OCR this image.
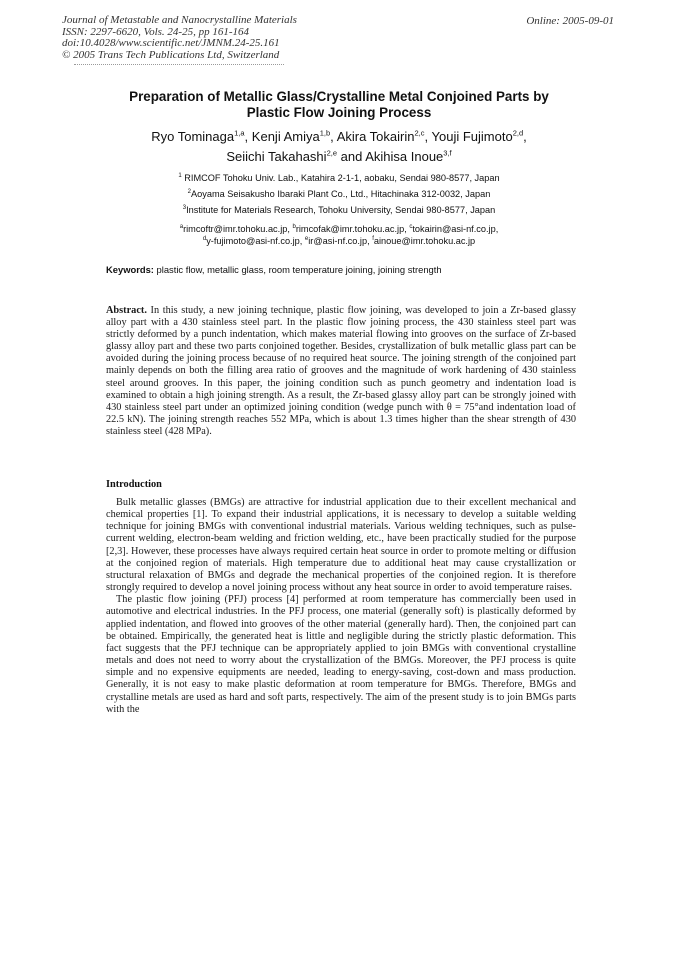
Journal of Metastable and Nanocrystalline Materials
ISSN: 2297-6620, Vols. 24-25, pp 161-164
doi:10.4028/www.scientific.net/JMNM.24-25.161
© 2005 Trans Tech Publications Ltd, Switzerland
Online: 2005-09-01
Preparation of Metallic Glass/Crystalline Metal Conjoined Parts by
Plastic Flow Joining Process
Ryo Tominaga$^{1,a}$, Kenji Amiya$^{1,b}$, Akira Tokairin$^{2,c}$, Youji Fujimoto$^{2,d}$,
Seiichi Takahashi$^{2,e}$ and Akihisa Inoue$^{3,f}$
$^1$ RIMCOF Tohoku Univ. Lab., Katahira 2-1-1, aobaku, Sendai 980-8577, Japan
$^2$Aoyama Seisakusho Ibaraki Plant Co., Ltd., Hitachinaka 312-0032, Japan
$^3$Institute for Materials Research, Tohoku University, Sendai 980-8577, Japan
$^a$rimcoftr@imr.tohoku.ac.jp, $^b$rimcofak@imr.tohoku.ac.jp, $^c$tokairin@asi-nf.co.jp,
$^d$y-fujimoto@asi-nf.co.jp, $^e$ir@asi-nf.co.jp, $^f$ainoue@imr.tohoku.ac.jp
Keywords: plastic flow, metallic glass, room temperature joining, joining strength
Abstract. In this study, a new joining technique, plastic flow joining, was developed to join a Zr-based glassy alloy part with a 430 stainless steel part. In the plastic flow joining process, the 430 stainless steel part was strictly deformed by a punch indentation, which makes material flowing into grooves on the surface of Zr-based glassy alloy part and these two parts conjoined together. Besides, crystallization of bulk metallic glass part can be avoided during the joining process because of no required heat source. The joining strength of the conjoined part mainly depends on both the filling area ratio of grooves and the magnitude of work hardening of 430 stainless steel around grooves. In this paper, the joining condition such as punch geometry and indentation load is examined to obtain a high joining strength. As a result, the Zr-based glassy alloy part can be strongly joined with 430 stainless steel part under an optimized joining condition (wedge punch with θ = 75°and indentation load of 22.5 kN). The joining strength reaches 552 MPa, which is about 1.3 times higher than the shear strength of 430 stainless steel (428 MPa).
Introduction

Bulk metallic glasses (BMGs) are attractive for industrial application due to their excellent mechanical and chemical properties [1]. To expand their industrial applications, it is necessary to develop a suitable welding technique for joining BMGs with conventional industrial materials. Various welding techniques, such as pulse-current welding, electron-beam welding and friction welding, etc., have been practically studied for the purpose [2,3]. However, these processes have always required certain heat source in order to promote melting or diffusion at the conjoined region of materials. High temperature due to additional heat may cause crystallization or structural relaxation of BMGs and degrade the mechanical properties of the conjoined region. It is therefore strongly required to develop a novel joining process without any heat source in order to avoid temperature raises.

The plastic flow joining (PFJ) process [4] performed at room temperature has commercially been used in automotive and electrical industries. In the PFJ process, one material (generally soft) is plastically deformed by applied indentation, and flowed into grooves of the other material (generally hard). Then, the conjoined part can be obtained. Empirically, the generated heat is little and negligible during the strictly plastic deformation. This fact suggests that the PFJ technique can be appropriately applied to join BMGs with conventional crystalline metals and does not need to worry about the crystallization of the BMGs. Moreover, the PFJ process is quite simple and no expensive equipments are needed, leading to energy-saving, cost-down and mass production. Generally, it is not easy to make plastic deformation at room temperature for BMGs. Therefore, BMGs and crystalline metals are used as hard and soft parts, respectively. The aim of the present study is to join BMGs parts with the
